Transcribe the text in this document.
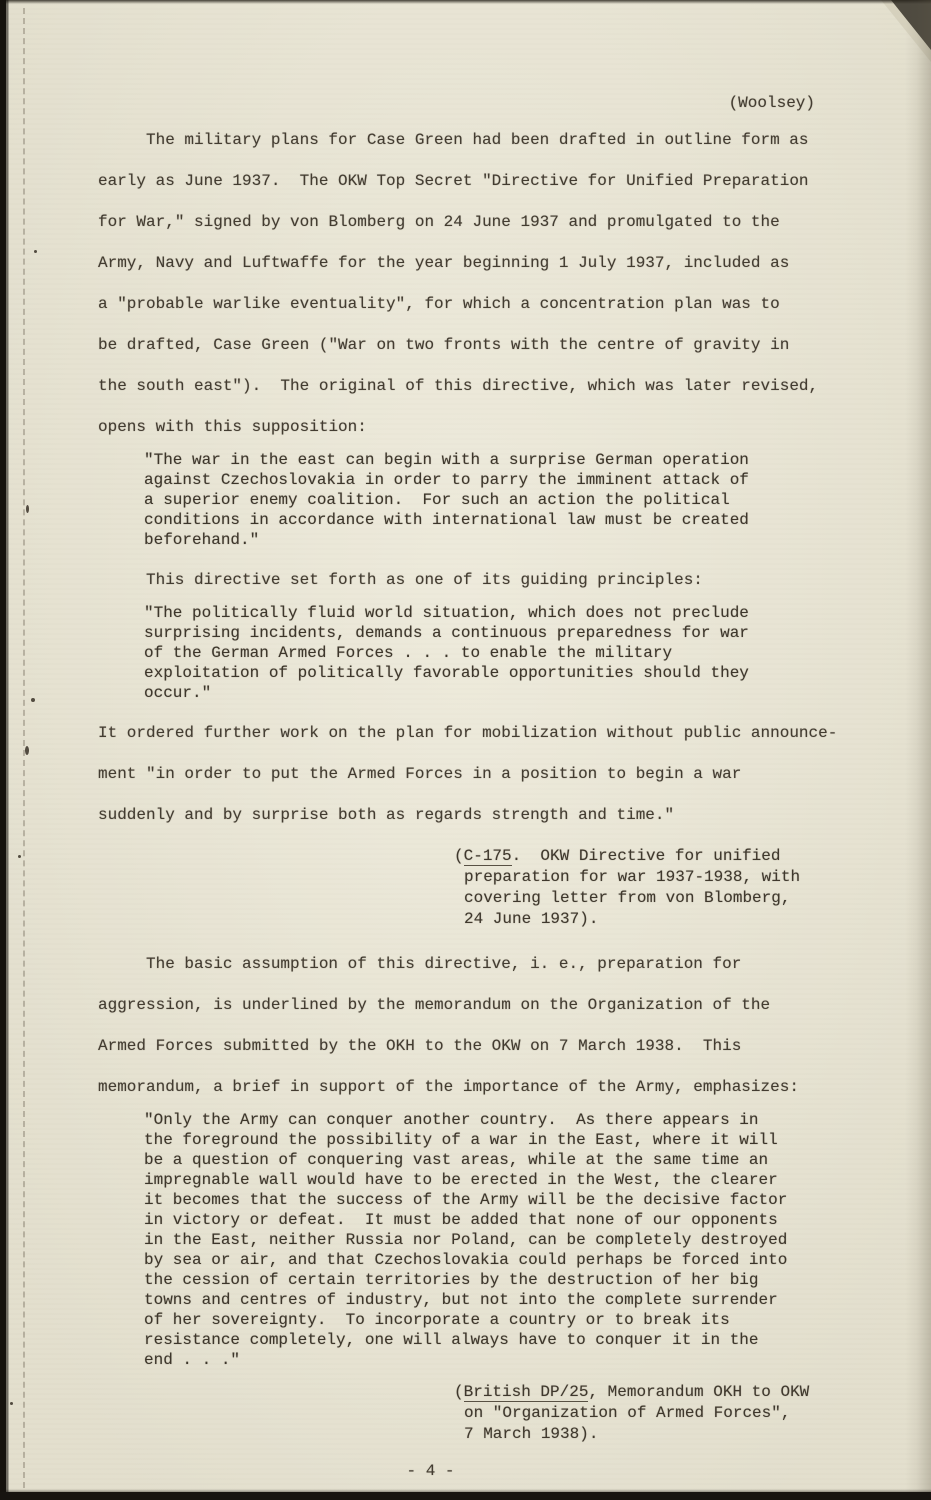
(Woolsey)
The military plans for Case Green had been drafted in outline form as
early as June 1937.  The OKW Top Secret "Directive for Unified Preparation
for War," signed by von Blomberg on 24 June 1937 and promulgated to the
Army, Navy and Luftwaffe for the year beginning 1 July 1937, included as
a "probable warlike eventuality", for which a concentration plan was to
be drafted, Case Green ("War on two fronts with the centre of gravity in
the south east").  The original of this directive, which was later revised,
opens with this supposition:
"The war in the east can begin with a surprise German operation
against Czechoslovakia in order to parry the imminent attack of
a superior enemy coalition.  For such an action the political
conditions in accordance with international law must be created
beforehand."
This directive set forth as one of its guiding principles:
"The politically fluid world situation, which does not preclude
surprising incidents, demands a continuous preparedness for war
of the German Armed Forces . . . to enable the military
exploitation of politically favorable opportunities should they
occur."
It ordered further work on the plan for mobilization without public announce-
ment "in order to put the Armed Forces in a position to begin a war
suddenly and by surprise both as regards strength and time."
(C-175.  OKW Directive for unified
preparation for war 1937-1938, with
covering letter from von Blomberg,
24 June 1937).
The basic assumption of this directive, i. e., preparation for
aggression, is underlined by the memorandum on the Organization of the
Armed Forces submitted by the OKH to the OKW on 7 March 1938.  This
memorandum, a brief in support of the importance of the Army, emphasizes:
"Only the Army can conquer another country.  As there appears in
the foreground the possibility of a war in the East, where it will
be a question of conquering vast areas, while at the same time an
impregnable wall would have to be erected in the West, the clearer
it becomes that the success of the Army will be the decisive factor
in victory or defeat.  It must be added that none of our opponents
in the East, neither Russia nor Poland, can be completely destroyed
by sea or air, and that Czechoslovakia could perhaps be forced into
the cession of certain territories by the destruction of her big
towns and centres of industry, but not into the complete surrender
of her sovereignty.  To incorporate a country or to break its
resistance completely, one will always have to conquer it in the
end . . ."
(British DP/25, Memorandum OKH to OKW
on "Organization of Armed Forces",
7 March 1938).
- 4 -
